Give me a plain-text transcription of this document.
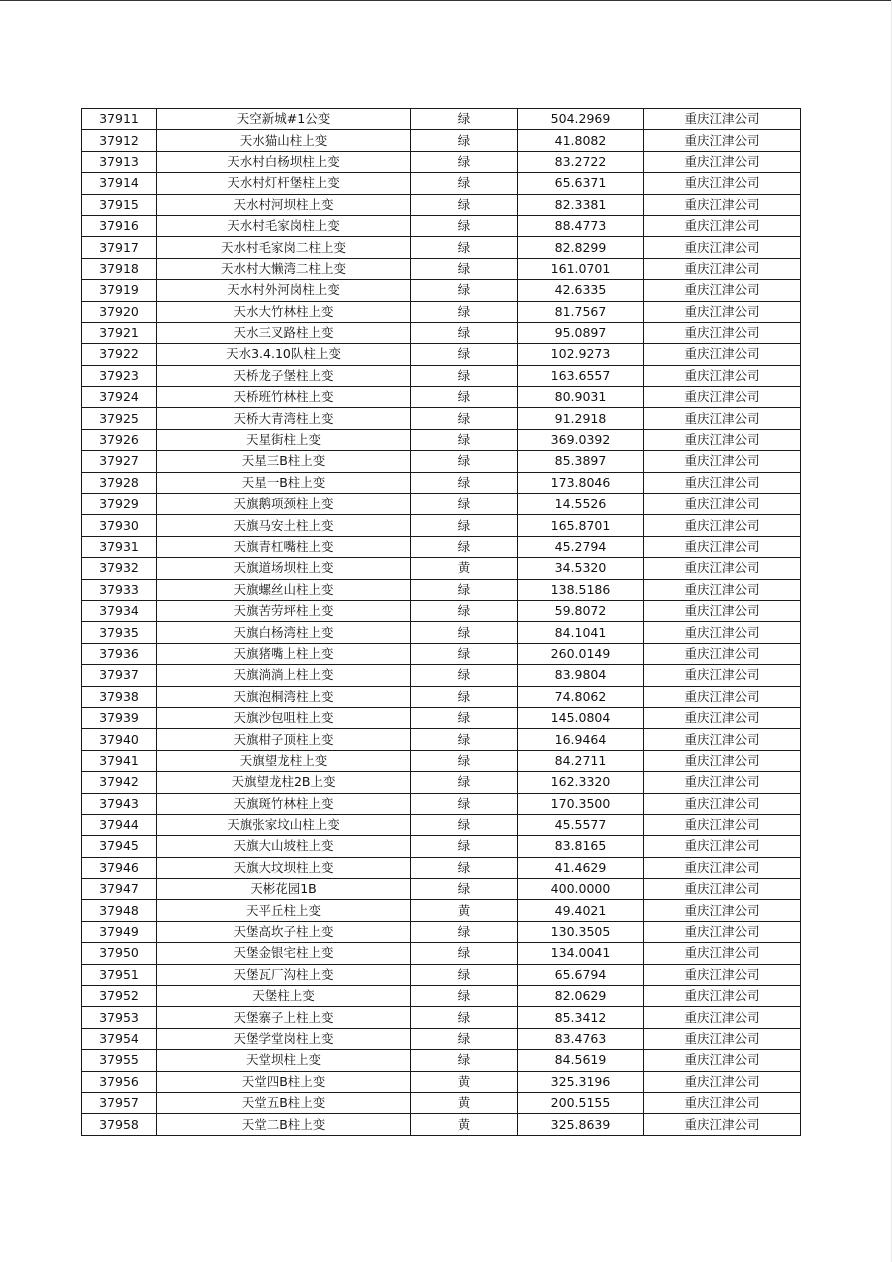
37911	天空新城#1公变	绿	504.2969	重庆江津公司
37912	天水猫山柱上变	绿	41.8082	重庆江津公司
37913	天水村白杨坝柱上变	绿	83.2722	重庆江津公司
37914	天水村灯杆堡柱上变	绿	65.6371	重庆江津公司
37915	天水村河坝柱上变	绿	82.3381	重庆江津公司
37916	天水村毛家岗柱上变	绿	88.4773	重庆江津公司
37917	天水村毛家岗二柱上变	绿	82.8299	重庆江津公司
37918	天水村大懒湾二柱上变	绿	161.0701	重庆江津公司
37919	天水村外河岗柱上变	绿	42.6335	重庆江津公司
37920	天水大竹林柱上变	绿	81.7567	重庆江津公司
37921	天水三叉路柱上变	绿	95.0897	重庆江津公司
37922	天水3.4.10队柱上变	绿	102.9273	重庆江津公司
37923	天桥龙子堡柱上变	绿	163.6557	重庆江津公司
37924	天桥班竹林柱上变	绿	80.9031	重庆江津公司
37925	天桥大青湾柱上变	绿	91.2918	重庆江津公司
37926	天星街柱上变	绿	369.0392	重庆江津公司
37927	天星三B柱上变	绿	85.3897	重庆江津公司
37928	天星一B柱上变	绿	173.8046	重庆江津公司
37929	天旗鹅项颈柱上变	绿	14.5526	重庆江津公司
37930	天旗马安土柱上变	绿	165.8701	重庆江津公司
37931	天旗青杠嘴柱上变	绿	45.2794	重庆江津公司
37932	天旗道场坝柱上变	黄	34.5320	重庆江津公司
37933	天旗螺丝山柱上变	绿	138.5186	重庆江津公司
37934	天旗苦劳坪柱上变	绿	59.8072	重庆江津公司
37935	天旗白杨湾柱上变	绿	84.1041	重庆江津公司
37936	天旗猪嘴上柱上变	绿	260.0149	重庆江津公司
37937	天旗淌淌上柱上变	绿	83.9804	重庆江津公司
37938	天旗泡桐湾柱上变	绿	74.8062	重庆江津公司
37939	天旗沙包咀柱上变	绿	145.0804	重庆江津公司
37940	天旗柑子顶柱上变	绿	16.9464	重庆江津公司
37941	天旗望龙柱上变	绿	84.2711	重庆江津公司
37942	天旗望龙柱2B上变	绿	162.3320	重庆江津公司
37943	天旗斑竹林柱上变	绿	170.3500	重庆江津公司
37944	天旗张家坟山柱上变	绿	45.5577	重庆江津公司
37945	天旗大山坡柱上变	绿	83.8165	重庆江津公司
37946	天旗大坟坝柱上变	绿	41.4629	重庆江津公司
37947	天彬花园1B	绿	400.0000	重庆江津公司
37948	天平丘柱上变	黄	49.4021	重庆江津公司
37949	天堡高坎子柱上变	绿	130.3505	重庆江津公司
37950	天堡金银宅柱上变	绿	134.0041	重庆江津公司
37951	天堡瓦厂沟柱上变	绿	65.6794	重庆江津公司
37952	天堡柱上变	绿	82.0629	重庆江津公司
37953	天堡寨子上柱上变	绿	85.3412	重庆江津公司
37954	天堡学堂岗柱上变	绿	83.4763	重庆江津公司
37955	天堂坝柱上变	绿	84.5619	重庆江津公司
37956	天堂四B柱上变	黄	325.3196	重庆江津公司
37957	天堂五B柱上变	黄	200.5155	重庆江津公司
37958	天堂二B柱上变	黄	325.8639	重庆江津公司
